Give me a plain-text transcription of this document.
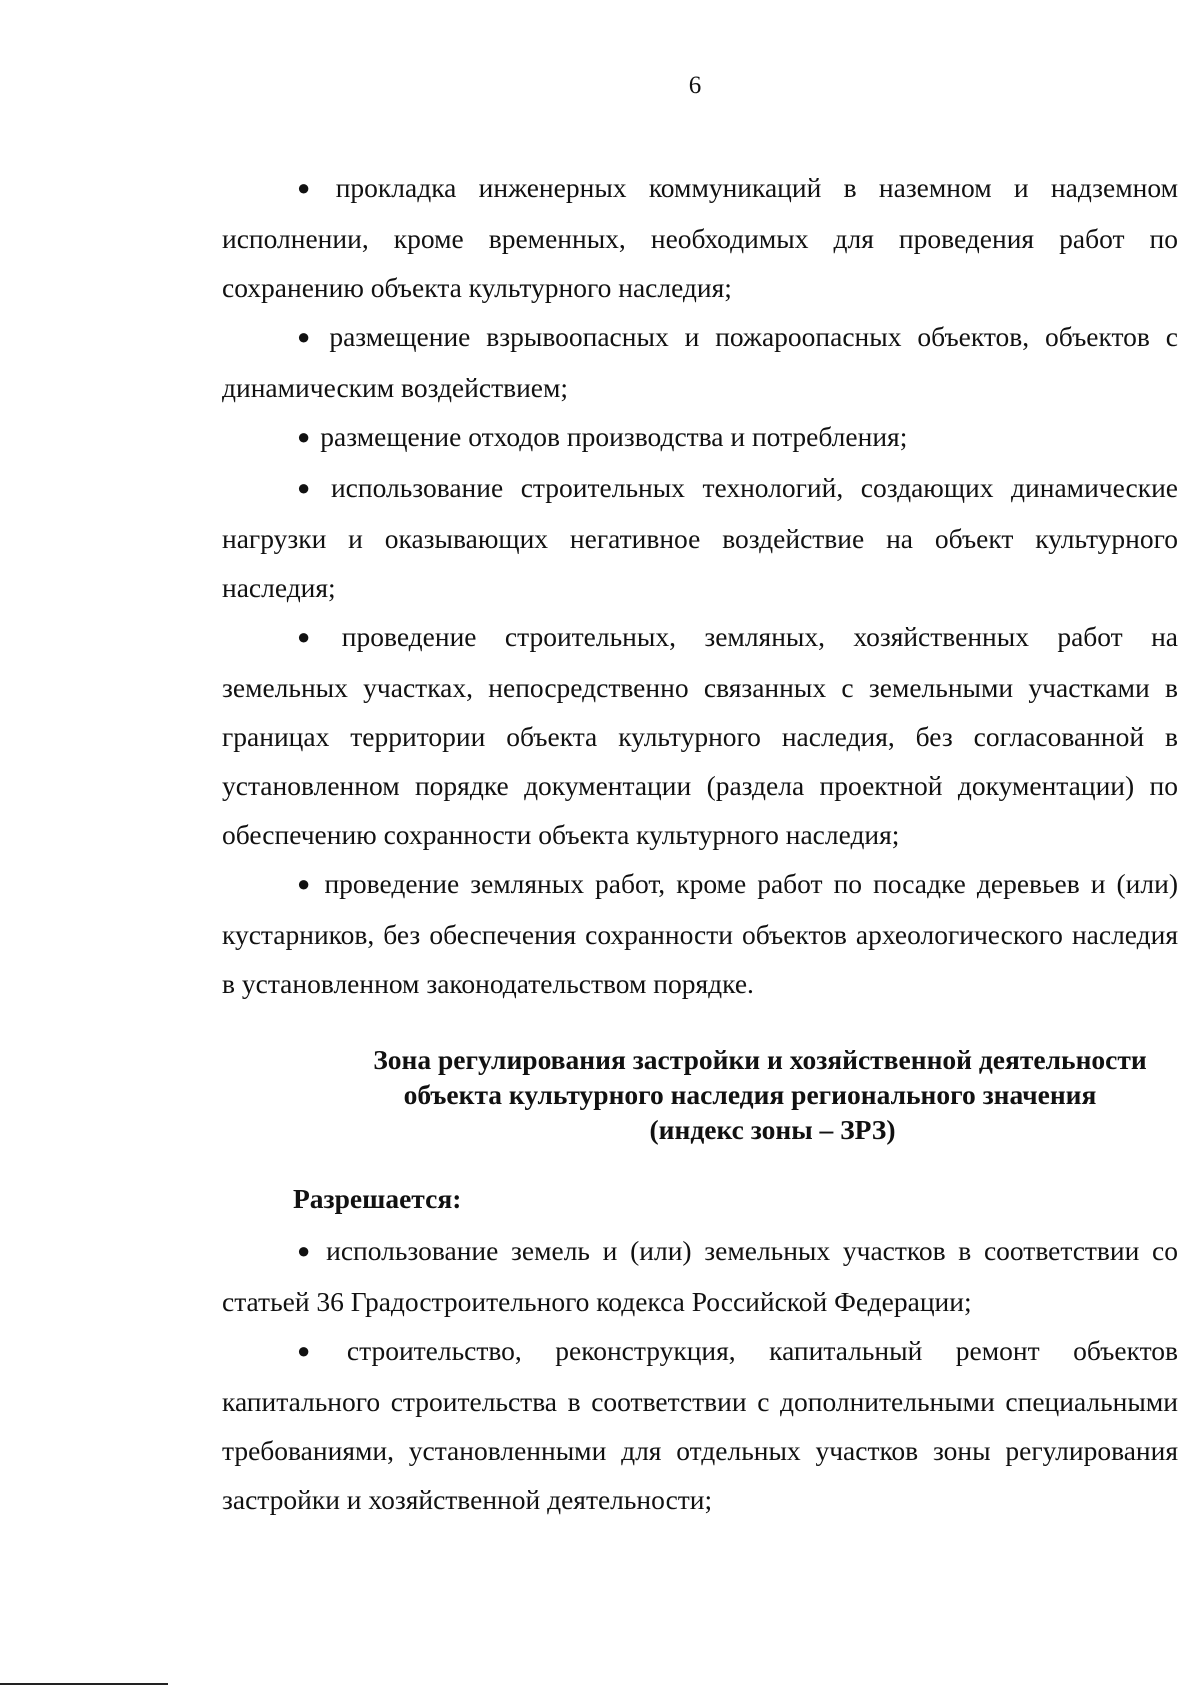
6

● прокладка инженерных коммуникаций в наземном и надземном исполнении, кроме временных, необходимых для проведения работ по сохранению объекта культурного наследия;

● размещение взрывоопасных и пожароопасных объектов, объектов с динамическим воздействием;

● размещение отходов производства и потребления;

● использование строительных технологий, создающих динамические нагрузки и оказывающих негативное воздействие на объект культурного наследия;

● проведение строительных, земляных, хозяйственных работ на земельных участках, непосредственно связанных с земельными участками в границах территории объекта культурного наследия, без согласованной в установленном порядке документации (раздела проектной документации) по обеспечению сохранности объекта культурного наследия;

● проведение земляных работ, кроме работ по посадке деревьев и (или) кустарников, без обеспечения сохранности объектов археологического наследия в установленном законодательством порядке.

Зона регулирования застройки и хозяйственной деятельности
объекта культурного наследия регионального значения
(индекс зоны – ЗРЗ)
Разрешается:

● использование земель и (или) земельных участков в соответствии со статьей 36 Градостроительного кодекса Российской Федерации;

● строительство, реконструкция, капитальный ремонт объектов капитального строительства в соответствии с дополнительными специальными требованиями, установленными для отдельных участков зоны регулирования застройки и хозяйственной деятельности;
